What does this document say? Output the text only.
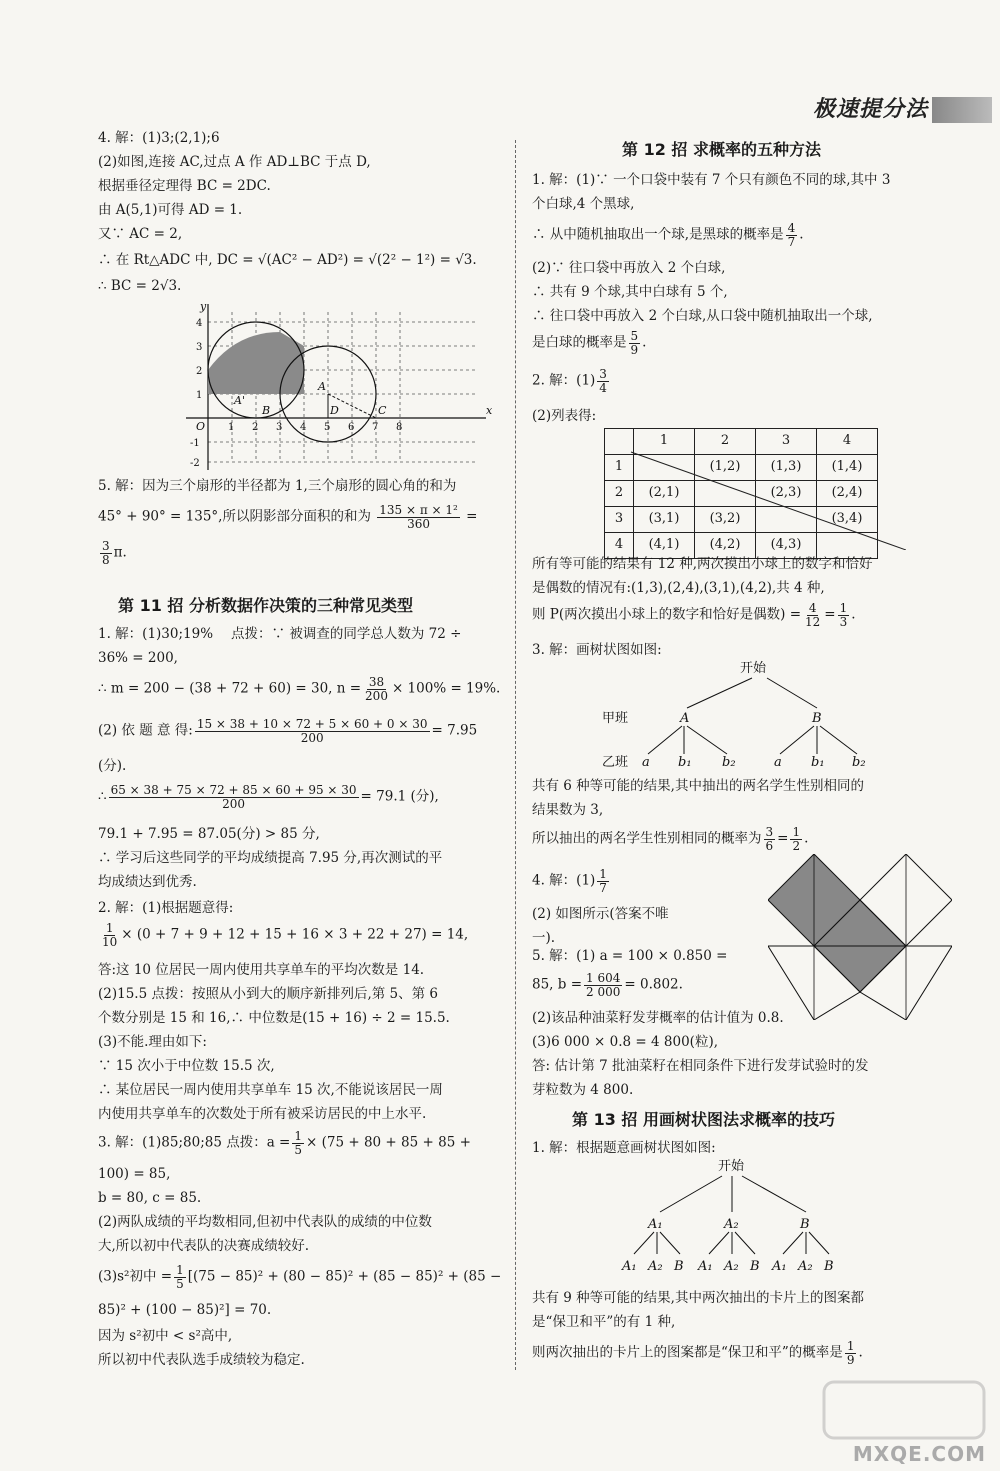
极速提分法
4. 解：(1)3;(2,1);6
(2)如图,连接 AC,过点 A 作 AD⊥BC 于点 D,
根据垂径定理得 BC = 2DC.
由 A(5,1)可得 AD = 1.
又∵ AC = 2,
∴ 在 Rt△ADC 中, DC = √(AC² − AD²) = √(2² − 1²) = √3.
∴ BC = 2√3.
y
x
O
A'
B
A
D	C
1 2 3 4 5 6 7 8
4
3
2
1
-1
-2
5. 解：因为三个扇形的半径都为 1,三个扇形的圆心角的和为
45° + 90° = 135°,所以阴影部分面积的和为 $\frac{\text{135 × π × 1²}}{360}$ =
$\frac{3}{8} \pi$.
第 11 招 分析数据作决策的三种常见类型
1. 解：(1)30;19% 点拨：∵ 被调查的同学总人数为 72 ÷
36% = 200,
∴ m = 200 − (38 + 72 + 60) = 30, $n = \frac{38}{200} \times 100\% = 19\%$.
(2) 依 题 意 得: $\frac{15 \times 38 + 10 \times 72 + 5 \times 60 + 0 \times 30}{200} = 7.95$
(分).
∴ $\frac{65 \times 38 + 75 \times 72 + 85 \times 60 + 95 \times 30}{200} = 79.1$ (分),
79.1 + 7.95 = 87.05(分) > 85 分,
∴ 学习后这些同学的平均成绩提高 7.95 分,再次测试的平
均成绩达到优秀.
2. 解：(1)根据题意得:
$\frac{1}{10} \times (0 + 7 + 9 + 12 + 15 + 16 \times 3 + 22 + 27) = 14$,
答:这 10 位居民一周内使用共享单车的平均次数是 14.
(2)15.5 点拨：按照从小到大的顺序新排列后,第 5、第 6
个数分别是 15 和 16,∴ 中位数是(15 + 16) ÷ 2 = 15.5.
(3)不能.理由如下:
∵ 15 次小于中位数 15.5 次,
∴ 某位居民一周内使用共享单车 15 次,不能说该居民一周
内使用共享单车的次数处于所有被采访居民的中上水平.
3. 解：(1)85;80;85 点拨：$a = \frac{1}{5} \times (75 + 80 + 85 + 85$ +
100) = 85,
b = 80, c = 85.
(2)两队成绩的平均数相同,但初中代表队的成绩的中位数
大,所以初中代表队的决赛成绩较好.
(3)s²初中 = $\frac{1}{5} [(75 - 85)^2 + (80 - 85)^2 + (85 - 85)^2 + (85$ −
85)² + (100 − 85)²] = 70.
因为 s²初中 < s²高中,
所以初中代表队选手成绩较为稳定.
第 12 招 求概率的五种方法
1. 解：(1)∵ 一个口袋中装有 7 个只有颜色不同的球,其中 3
个白球,4 个黑球,
∴ 从中随机抽取出一个球,是黑球的概率是 $\frac{4}{7}$ .
(2)∵ 往口袋中再放入 2 个白球,
∴ 共有 9 个球,其中白球有 5 个,
∴ 往口袋中再放入 2 个白球,从口袋中随机抽取出一个球,
是白球的概率是 $\frac{5}{9}$ .
2. 解：$(1) \frac{3}{4}$
(2)列表得:
	1	2	3	4
1		(1,2)	(1,3)	(1,4)
2	(2,1)		(2,3)	(2,4)
3	(3,1)	(3,2)		(3,4)
4	(4,1)	(4,2)	(4,3)	
所有等可能的结果有 12 种,两次摸出小球上的数字和恰好
是偶数的情况有:(1,3),(2,4),(3,1),(4,2),共 4 种,
则 P(两次摸出小球上的数字和恰好是偶数) = $\frac{4}{12} = \frac{1}{3}$ .
3. 解：画树状图如图:
开始
甲班
乙班
A	B
a b₁ b₂	a b₁ b₂
共有 6 种等可能的结果,其中抽出的两名学生性别相同的
结果数为 3,
所以抽出的两名学生性别相同的概率为 $\frac{3}{6} = \frac{1}{2}$ .
4. 解：$(1) \frac{1}{7}$
(2) 如图所示(答案不唯
一).
5. 解：(1) a = 100 × 0.850 =
85, $b = \frac{1 604}{2 000} = 0.802$.
(2)该品种油菜籽发芽概率的估计值为 0.8.
(3)6 000 × 0.8 = 4 800(粒),
答: 估计第 7 批油菜籽在相同条件下进行发芽试验时的发
芽粒数为 4 800.
第 13 招 用画树状图法求概率的技巧
1. 解：根据题意画树状图如图:
开始
A₁	A₂	B
A₁ A₂ B A₁ A₂ B A₁ A₂ B
共有 9 种等可能的结果,其中两次抽出的卡片上的图案都
是“保卫和平”的有 1 种,
则两次抽出的卡片上的图案都是“保卫和平”的概率是 $\frac{1}{9}$ .
MXQE.COM
